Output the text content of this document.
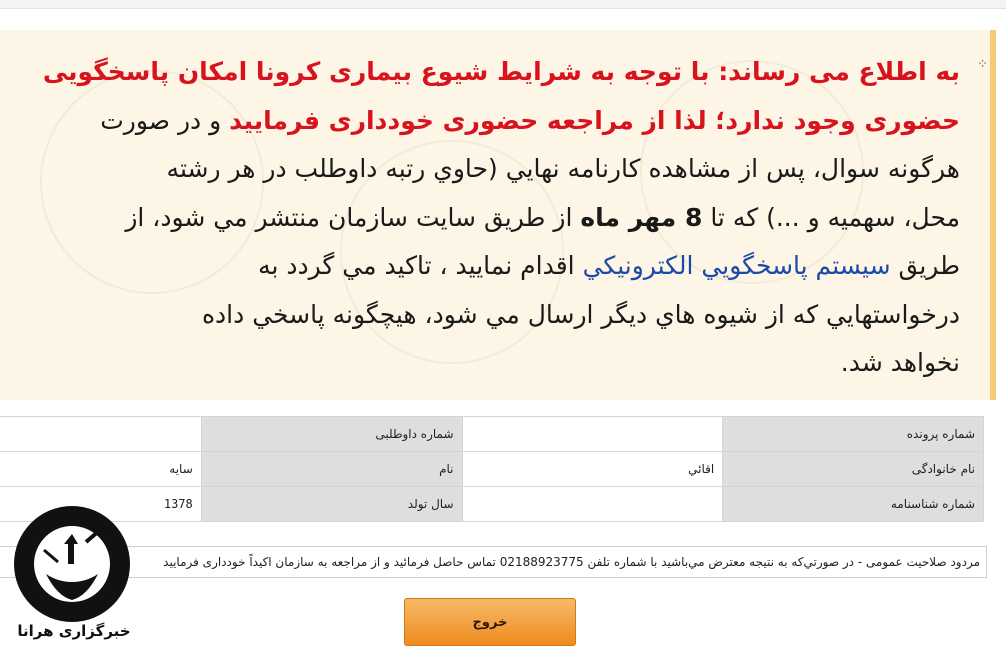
⁘
به اطلاع می رساند: با توجه به شرایط شیوع بیماری کرونا امکان پاسخگویی
حضوری وجود ندارد؛ لذا از مراجعه حضوری خودداری فرمایید و در صورت
هرگونه سوال، پس از مشاهده کارنامه نهايي (حاوي رتبه داوطلب در هر رشته
محل، سهمیه و ...) که تا 8 مهر ماه از طريق سايت سازمان منتشر مي شود، از
طريق سیستم پاسخگويي الكترونيكي اقدام نماييد ، تاكيد مي گردد به
درخواستهايي كه از شيوه هاي ديگر ارسال مي شود، هيچگونه پاسخي داده
نخواهد شد.
شماره پرونده		شماره داوطلبی	
نام خانوادگی	اقائي	نام	سایه
شماره شناسنامه		سال تولد	1378
مردود صلاحیت عمومی - در صورتي‌که به نتیجه معترض مي‌باشید با شماره تلفن 02188923775 تماس حاصل فرمائید و از مراجعه به سازمان اکیداً خودداری فرمایید
خروج
خبرگزاری هرانا
